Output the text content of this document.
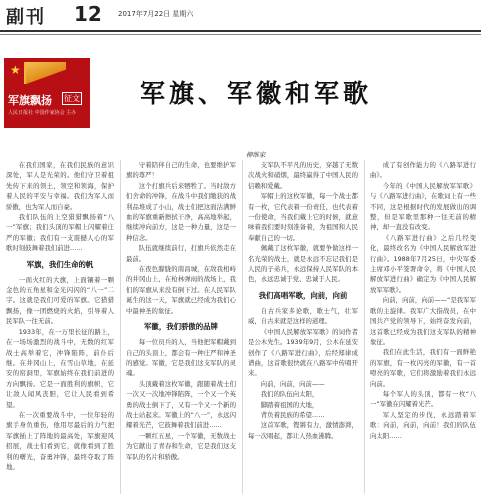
副刊 12 2017年7月22日 星期六
★
军旗飘扬 征文
人民日报社 中国作家协会 主办
军旗、军徽和军歌
柳维家

在我们国家，在我们民族的意识深处，军人是光荣的。他们守卫着祖先传下来的领土，领空和领海，保护着人民的平安与幸福。我们为军人而骄傲，也为军人而自豪。

我们队伍的上空猎猎飘扬着“八一”军旗；我们头顶的军帽上闪耀着庄严的军徽；我们有一支震撼人心的军歌时刻鼓舞着我们前进……

军旗，我们生命的帆

一面火红的大旗，上面镶着一颗金色的五角星和金光闪闪的“八一”二字。这就是我们可爱的军旗。它猎猎飘扬，像一团燃烧的火焰，引导着人民军队一往无前。

1933年，在一万里长征的路上，在一场场激烈的战斗中，无数的红军战士高举着它，冲锋陷阵，前仆后继。在井冈山上，在雪山草地，在延安的窑洞里，军旗始终在我们前进的方向飘扬。它是一面胜利的旗帜，它让敌人闻风丧胆，它让人民看到希望。

在一次重要战斗中，一位年轻的旗手身负重伤，他用尽最后的力气把军旗插上了阵地的最高处，军旗迎风招展，战士们看到它，就像看到了胜利的曙光，奋勇冲锋，最终夺取了阵地。

守着陪伴自己的生命，也要维护军旗的尊严！

这个打旗兵后来牺牲了。当时敌方们舍命的冲锋，在战斗中我们缴获的战利品堆成了小山，战士们把这面沾满鲜血的军旗重新擦拭干净，高高地举起，继续冲向前方，这是一种力量，这是一种信念。

队伍就继续前行，打旗兵依然走在最前。

在夜色朦胧的南昌城，在敌我相峙的井冈山上，在枪林弹雨的战场上，我们的军旗从来没有倒下过。在人民军队诞生的这一天，军旗就已经成为我们心中最神圣的象征。

军徽，我们骄傲的品牌

每一位员兵的人，当他把军帽戴到自己的头顶上，都会有一种庄严和神圣的感觉。军徽，它是我们这支军队的灵魂。

头顶戴着这枚军徽，跟随着战士们一次又一次地冲锋陷阵，一个又一个英勇的战士倒下了，又有一个又一个新的战士站起来。军徽上的“八一”，永远闪耀着光芒，它鼓舞着我们前进……

一颗红五星，一个军徽，无数战士为它献出了青春和生命，它是我们这支军队的名片和骄傲。

支军队不平凡的历史，穿越了无数次战火和硝烟，最终赢得了中国人民的信赖和爱戴。

军帽上的这枚军徽，每一个战士都有一枚，它代表着一份责任，也代表着一份使命，当我们戴上它的时候，就意味着我们要时刻准备着，为祖国和人民奉献自己的一切。

佩戴了这枚军徽，就要争做这样一名光荣的战士，就是永远不忘记我们是人民的子弟兵，永远保持人民军队的本色，永远忠诚于党、忠诚于人民。

我们高唱军歌，向前，向前

自古兵家多论歌，歌士气，壮军威，自古来就是这样的道理。

《中国人民解放军军歌》的词作者是公木先生。1939年9月，公木在延安创作了《八路军进行曲》，后经郑律成谱曲，这首歌很快就在八路军中传唱开来。

向前，向前，向前——

我们的队伍向太阳，

脚踏着祖国的大地，

背负着民族的希望……

这首军歌，铿锵有力，激情澎湃，每一次唱起，都让人热血沸腾。

成了有创作能力的《八路军进行曲》。

今年的《中国人民解放军军歌》与《八路军进行曲》，在歌词上有一些不同，这是根据时代的发展做出的调整，但是军歌里那种一往无前的精神，却一直没有改变。

《八路军进行曲》之后几经变化，最终改名为《中国人民解放军进行曲》。1988年7月25日，中央军委主席邓小平签署命令，将《中国人民解放军进行曲》确定为《中国人民解放军军歌》。

向前，向前，向前——“是我军军歌的主旋律。我军广大指战员，在中国共产党的领导下，始终奋发向前，这首歌已经成为我们这支军队的精神象征。

我们在此生活，我们有一面鲜艳的军旗，有一枚闪亮的军徽，有一首嘹亮的军歌，它们将激励着我们永远向前。

每个军人的头顶，都有一枚“八一”军徽在闪耀着光芒。

军人坚定的步伐，永远踏着军歌：向前，向前，向前！我们的队伍向太阳……
